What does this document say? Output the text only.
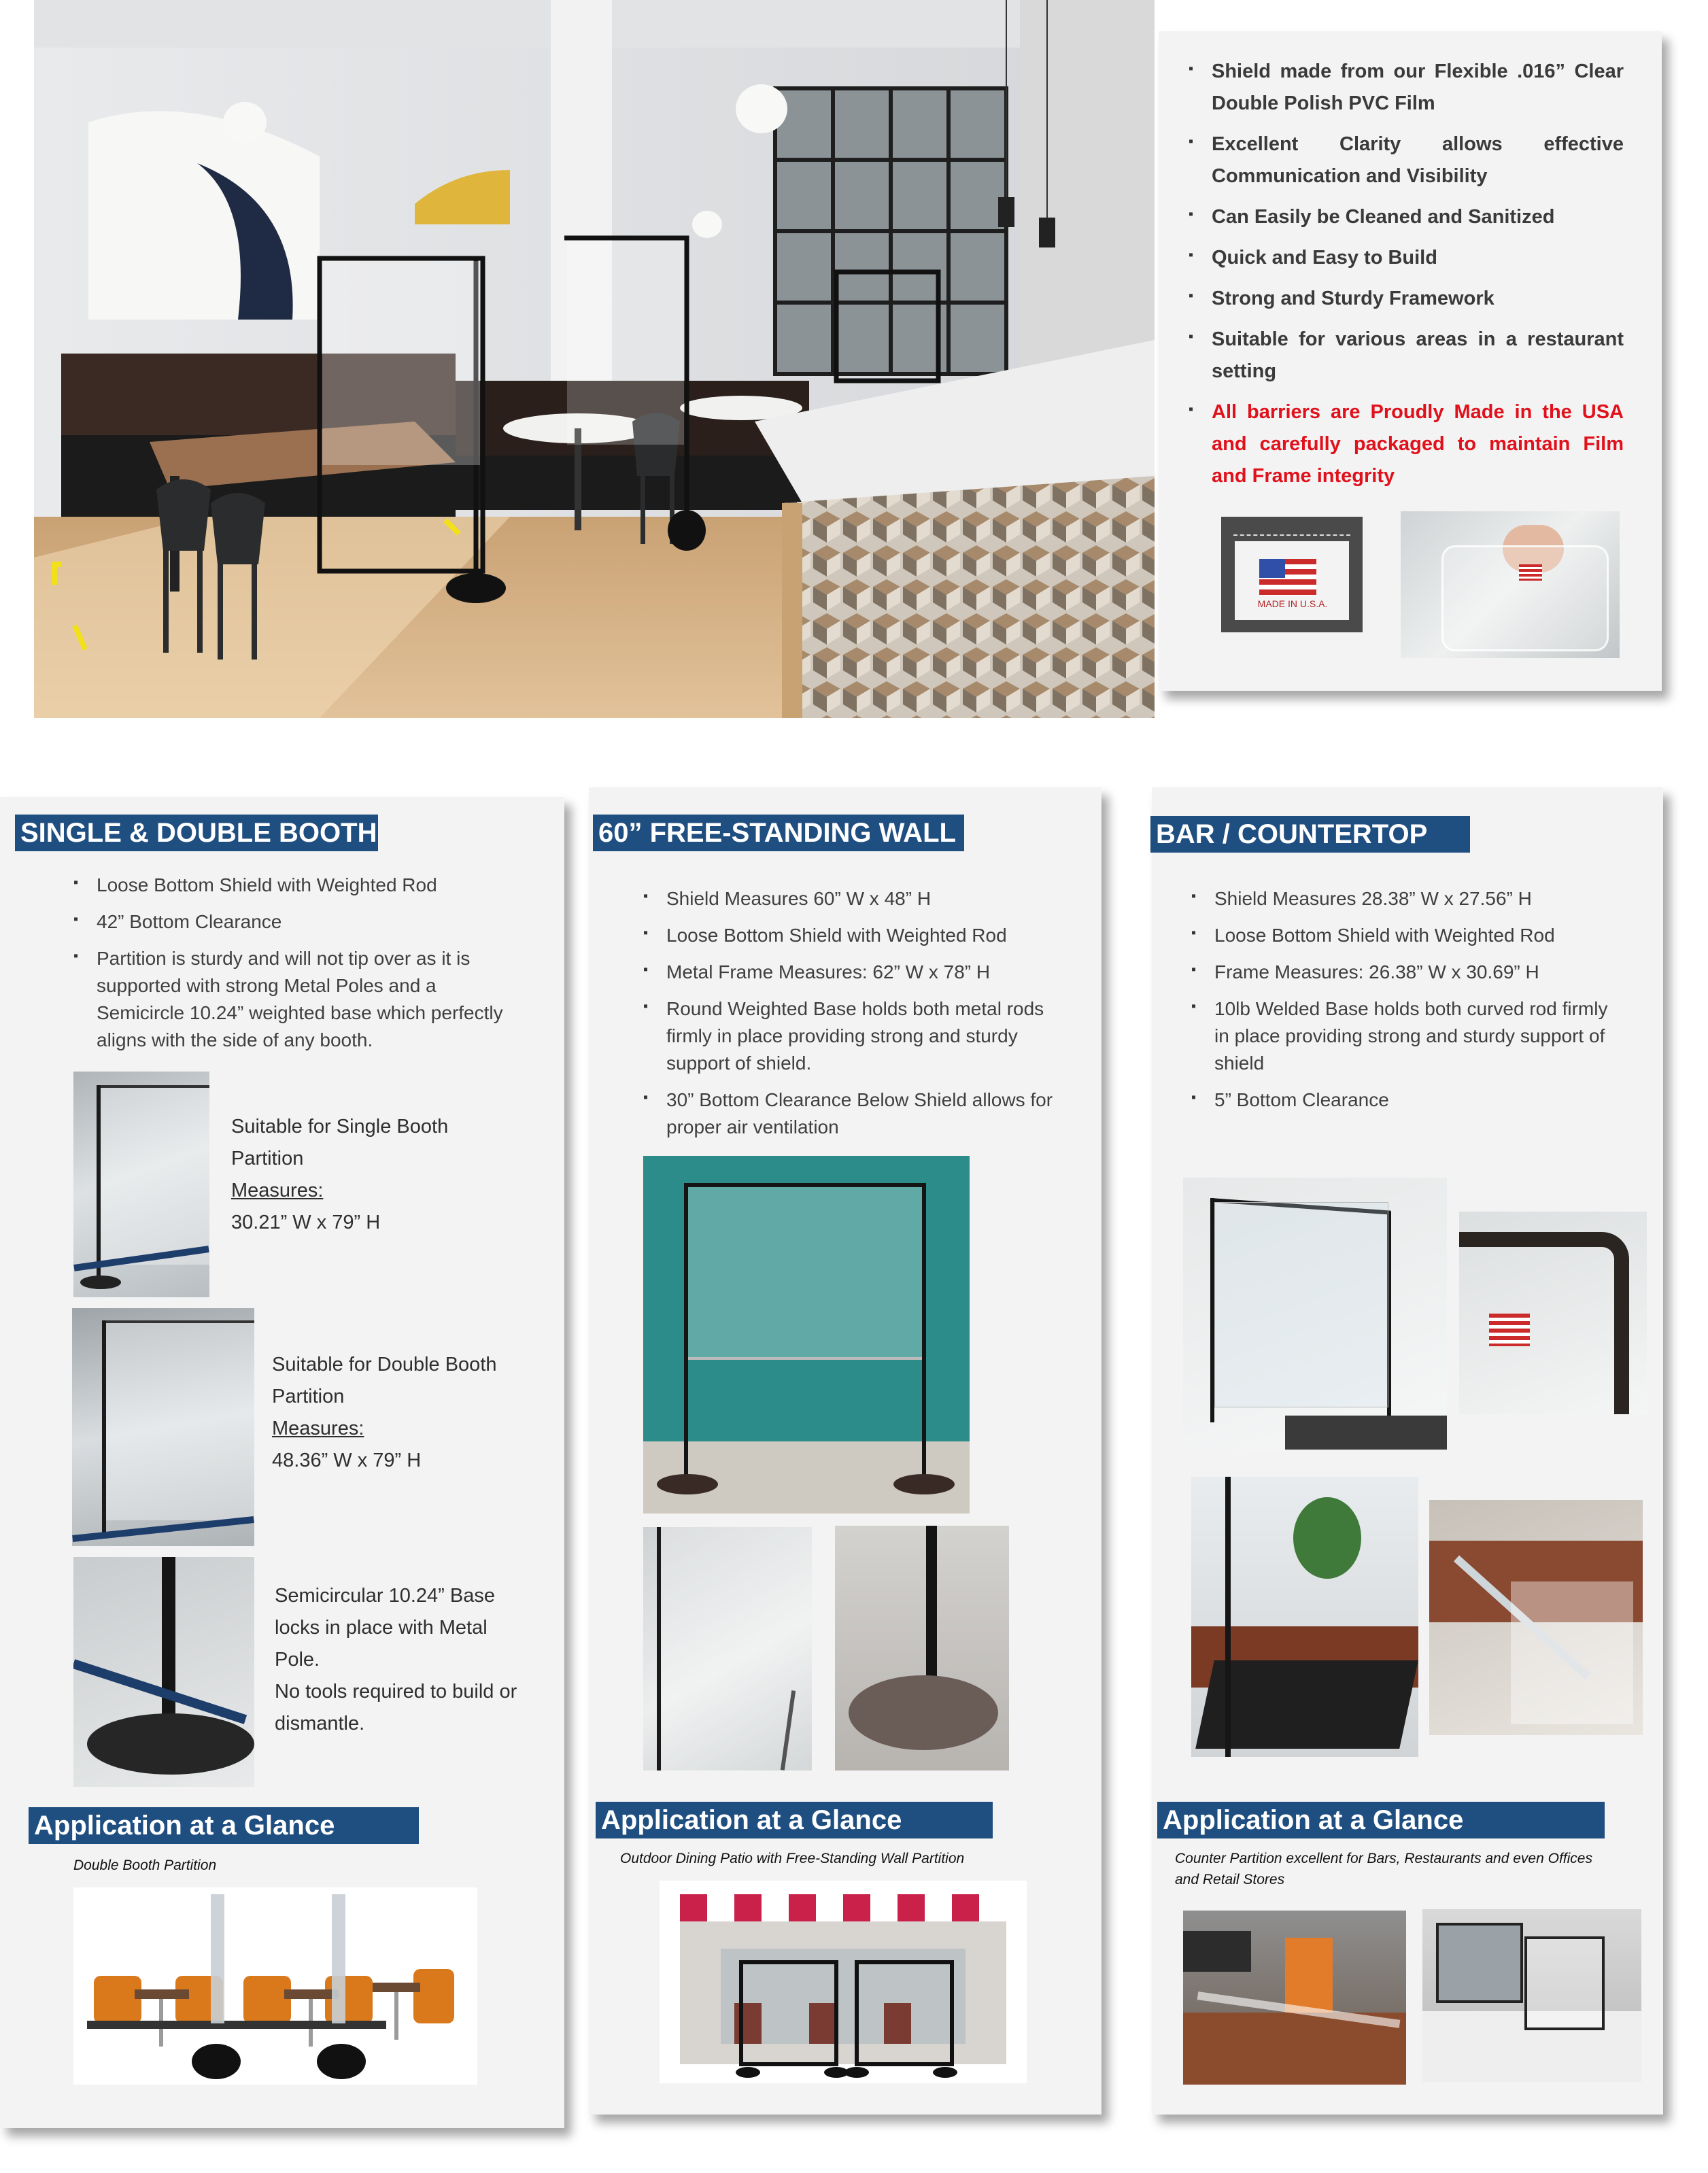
▪ Shield made from our Flexible .016” Clear Double Polish PVC Film
▪ Excellent Clarity allows effective Communication and Visibility
▪ Can Easily be Cleaned and Sanitized
▪ Quick and Easy to Build
▪ Strong and Sturdy Framework
▪ Suitable for various areas in a restaurant setting
▪ All barriers are Proudly Made in the USA and carefully packaged to maintain Film and Frame integrity
MADE IN U.S.A.
SINGLE & DOUBLE BOOTH
▪ Loose Bottom Shield with Weighted Rod
▪ 42” Bottom Clearance
▪ Partition is sturdy and will not tip over as it is supported with strong Metal Poles and a Semicircle 10.24” weighted base which perfectly aligns with the side of any booth.
Suitable for Single Booth Partition
Measures:
30.21” W x 79” H
Suitable for Double Booth Partition
Measures:
48.36” W x 79” H
Semicircular 10.24” Base locks in place with Metal Pole.
No tools required to build or dismantle.
Application at a Glance
Double Booth Partition
60” FREE-STANDING WALL
▪ Shield Measures 60” W x 48” H
▪ Loose Bottom Shield with Weighted Rod
▪ Metal Frame Measures: 62” W x 78” H
▪ Round Weighted Base holds both metal rods firmly in place providing strong and sturdy support of shield.
▪ 30” Bottom Clearance Below Shield allows for proper air ventilation
Application at a Glance
Outdoor Dining Patio with Free-Standing Wall Partition
BAR / COUNTERTOP
▪ Shield Measures 28.38” W x 27.56” H
▪ Loose Bottom Shield with Weighted Rod
▪ Frame Measures: 26.38” W x 30.69” H
▪ 10lb Welded Base holds both curved rod firmly in place providing strong and sturdy support of shield
▪ 5” Bottom Clearance
Application at a Glance
Counter Partition excellent for Bars, Restaurants and even Offices and Retail Stores
